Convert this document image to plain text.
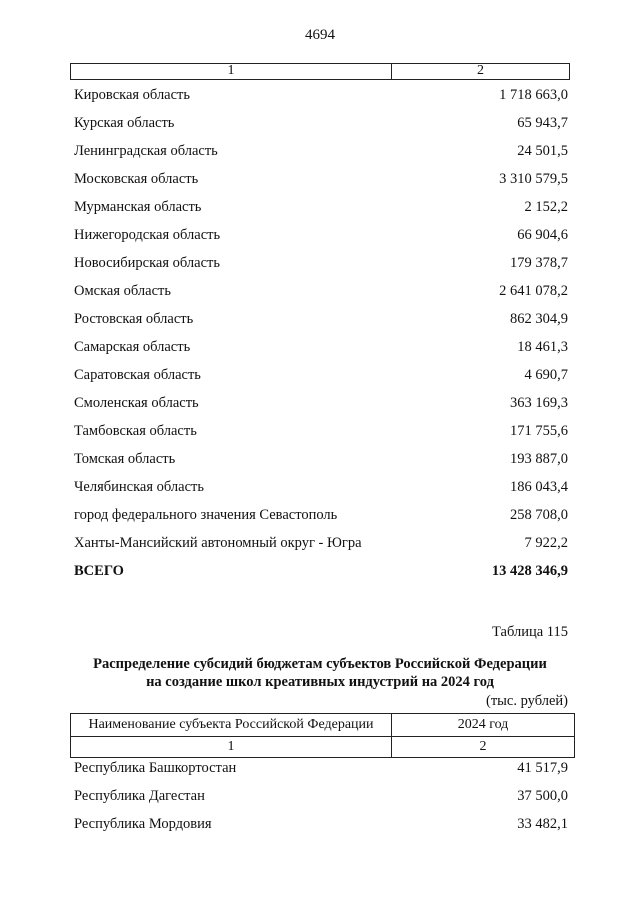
4694
1	2
Кировская область	1 718 663,0
Курская область	65 943,7
Ленинградская область	24 501,5
Московская область	3 310 579,5
Мурманская область	2 152,2
Нижегородская область	66 904,6
Новосибирская область	179 378,7
Омская область	2 641 078,2
Ростовская область	862 304,9
Самарская область	18 461,3
Саратовская область	4 690,7
Смоленская область	363 169,3
Тамбовская область	171 755,6
Томская область	193 887,0
Челябинская область	186 043,4
город федерального значения Севастополь	258 708,0
Ханты-Мансийский автономный округ - Югра	7 922,2
ВСЕГО	13 428 346,9
Таблица 115
Распределение субсидий бюджетам субъектов Российской Федерации
на создание школ креативных индустрий на 2024 год
(тыс. рублей)
Наименование субъекта Российской Федерации	2024 год
1	2
Республика Башкортостан	41 517,9
Республика Дагестан	37 500,0
Республика Мордовия	33 482,1
